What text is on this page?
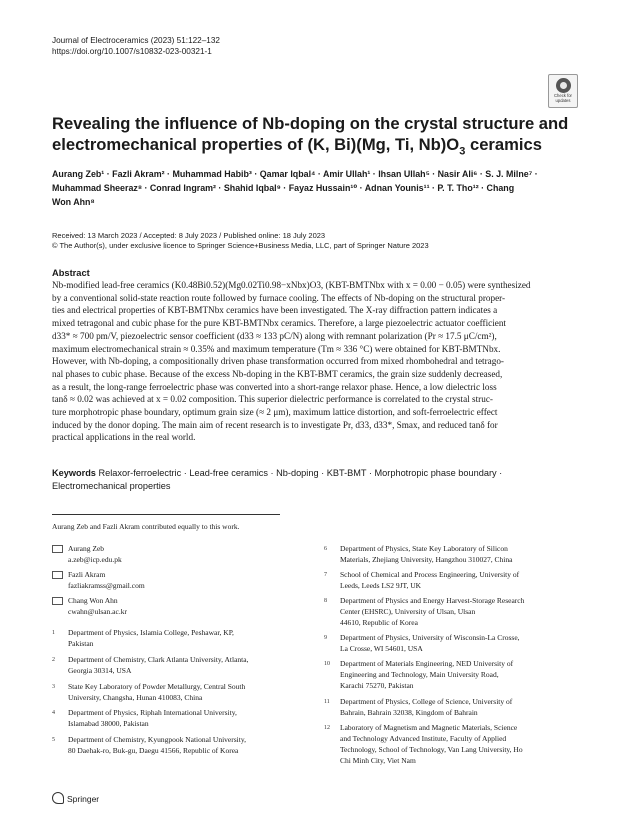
Journal of Electroceramics (2023) 51:122–132
https://doi.org/10.1007/s10832-023-00321-1
Check for
updates
Revealing the influence of Nb-doping on the crystal structure and
electromechanical properties of (K, Bi)(Mg, Ti, $Nb)O_3$ ceramics
Aurang Zeb¹ · Fazli Akram² · Muhammad Habib³ · Qamar Iqbal⁴ · Amir Ullah¹ · Ihsan Ullah⁵ · Nasir Ali⁶ · S. J. Milne⁷ ·
Muhammad Sheeraz⁸ · Conrad Ingram² · Shahid Iqbal⁹ · Fayaz Hussain¹⁰ · Adnan Younis¹¹ · P. T. Tho¹² · Chang
Won Ahn⁸
Received: 13 March 2023 / Accepted: 8 July 2023 / Published online: 18 July 2023
© The Author(s), under exclusive licence to Springer Science+Business Media, LLC, part of Springer Nature 2023
Abstract
Nb-modified lead-free ceramics (K0.48Bi0.52)(Mg0.02Ti0.98−xNbx)O3, (KBT-BMTNbx with x = 0.00 − 0.05) were synthesized
by a conventional solid-state reaction route followed by furnace cooling. The effects of Nb-doping on the structural proper-
ties and electrical properties of KBT-BMTNbx ceramics have been investigated. The X-ray diffraction pattern indicates a
mixed tetragonal and cubic phase for the pure KBT-BMTNbx ceramics. Therefore, a large piezoelectric actuator coefficient
d33* ≈ 700 pm/V, piezoelectric sensor coefficient (d33 ≈ 133 pC/N) along with remnant polarization (Pr ≈ 17.5 μC/cm²),
maximum electromechanical strain ≈ 0.35% and maximum temperature (Tm ≈ 336 °C) were obtained for KBT-BMTNbx.
However, with Nb-doping, a compositionally driven phase transformation occurred from mixed rhombohedral and tetrago-
nal phases to cubic phase. Because of the excess Nb-doping in the KBT-BMT ceramics, the grain size suddenly decreased,
as a result, the long-range ferroelectric phase was converted into a short-range relaxor phase. Hence, a low dielectric loss
tanδ ≈ 0.02 was achieved at x = 0.02 composition. This superior dielectric performance is correlated to the crystal struc-
ture morphotropic phase boundary, optimum grain size (≈ 2 μm), maximum lattice distortion, and soft-ferroelectric effect
induced by the donor doping. The main aim of recent research is to investigate Pr, d33, d33*, Smax, and reduced tanδ for
practical applications in the real world.
Keywords Relaxor-ferroelectric · Lead-free ceramics · Nb-doping · KBT-BMT · Morphotropic phase boundary ·
Electromechanical properties
Aurang Zeb and Fazli Akram contributed equally to this work.
Aurang Zeb
a.zeb@icp.edu.pk
Fazli Akram
fazliakramss@gmail.com
Chang Won Ahn
cwahn@ulsan.ac.kr
1 Department of Physics, Islamia College, Peshawar, KP,
Pakistan
2 Department of Chemistry, Clark Atlanta University, Atlanta,
Georgia 30314, USA
3 State Key Laboratory of Powder Metallurgy, Central South
University, Changsha, Hunan 410083, China
4 Department of Physics, Riphah International University,
Islamabad 38000, Pakistan
5 Department of Chemistry, Kyungpook National University,
80 Daehak-ro, Buk-gu, Daegu 41566, Republic of Korea
6 Department of Physics, State Key Laboratory of Silicon
Materials, Zhejiang University, Hangzhou 310027, China
7 School of Chemical and Process Engineering, University of
Leeds, Leeds LS2 9JT, UK
8 Department of Physics and Energy Harvest-Storage Research
Center (EHSRC), University of Ulsan, Ulsan
44610, Republic of Korea
9 Department of Physics, University of Wisconsin-La Crosse,
La Crosse, WI 54601, USA
10 Department of Materials Engineering, NED University of
Engineering and Technology, Main University Road,
Karachi 75270, Pakistan
11 Department of Physics, College of Science, University of
Bahrain, Bahrain 32038, Kingdom of Bahrain
12 Laboratory of Magnetism and Magnetic Materials, Science
and Technology Advanced Institute, Faculty of Applied
Technology, School of Technology, Van Lang University, Ho
Chi Minh City, Viet Nam
Springer
